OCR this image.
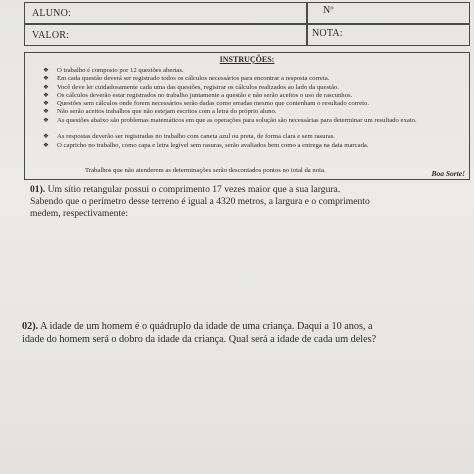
ALUNO:	Nº
VALOR:	NOTA:
INSTRUÇÕES:
❖	O trabalho é composto por 12 questões abertas.
❖	Em cada questão deverá ser registrado todos os cálculos necessários para encontrar a resposta correta.
❖	Você deve ler cuidadosamente cada uma das questões, registrar os cálculos realizados ao lado da questão.
❖	Os cálculos deverão estar registrados no trabalho juntamente a questão e não serão aceitos o uso de rascunhos.
❖	Questões sem cálculos onde forem necessários serão dadas como erradas mesmo que contenham o resultado correto.
❖	Não serão aceitos trabalhos que não estejam escritos com a letra do próprio aluno.
❖	As questões abaixo são problemas matemáticos em que as operações para solução são necessárias para determinar um resultado exato.
❖	As respostas deverão ser registradas no trabalho com caneta azul ou preta, de forma clara e sem rasuras.
❖	O capricho no trabalho, como capa e letra legível sem rasuras, serão avaliados bem como a entrega na data marcada.
Trabalhos que não atenderem as determinações serão descontados pontos no total da nota.	Boa Sorte!
01). Um sítio retangular possui o comprimento 17 vezes maior que a sua largura.
Sabendo que o perímetro desse terreno é igual a 4320 metros, a largura e o comprimento
medem, respectivamente:
02). A idade de um homem é o quádruplo da idade de uma criança. Daqui a 10 anos, a
idade do homem será o dobro da idade da criança. Qual será a idade de cada um deles?
